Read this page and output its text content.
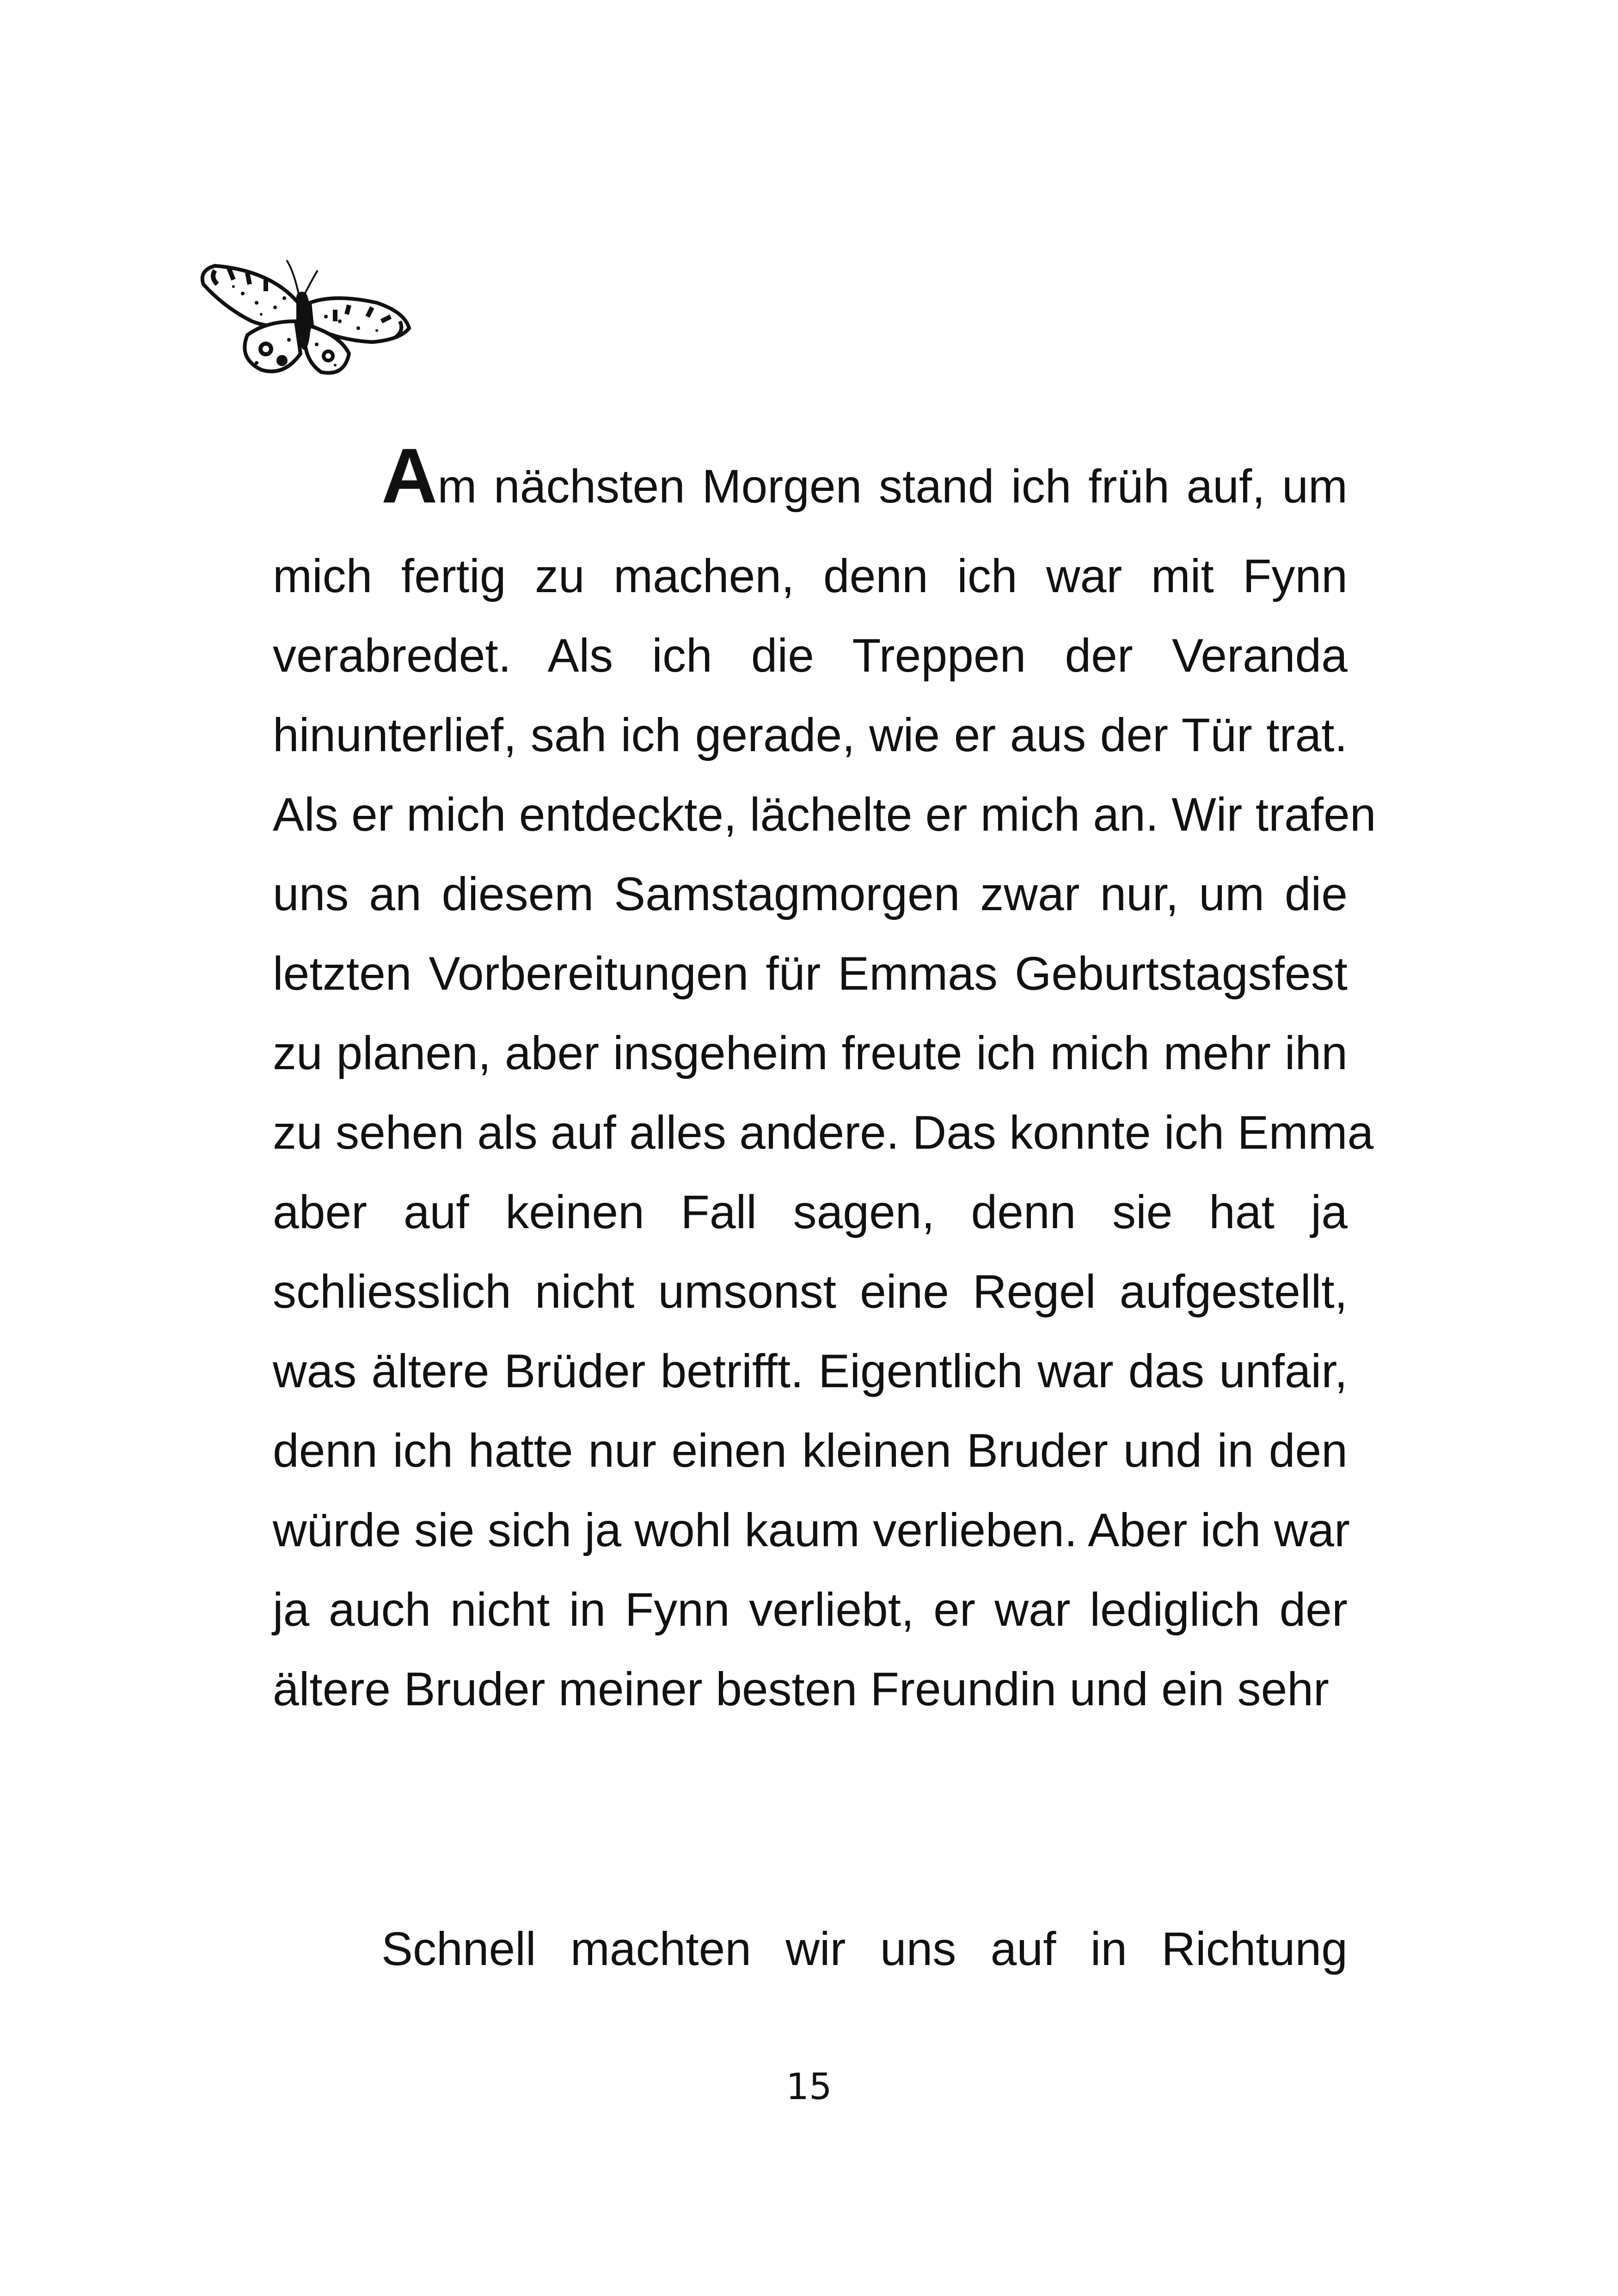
Am nächsten Morgen stand ich früh auf, um
mich fertig zu machen, denn ich war mit Fynn
verabredet. Als ich die Treppen der Veranda
hinunterlief, sah ich gerade, wie er aus der Tür trat.
Als er mich entdeckte, lächelte er mich an. Wir trafen
uns an diesem Samstagmorgen zwar nur, um die
letzten Vorbereitungen für Emmas Geburtstagsfest
zu planen, aber insgeheim freute ich mich mehr ihn
zu sehen als auf alles andere. Das konnte ich Emma
aber auf keinen Fall sagen, denn sie hat ja
schliesslich nicht umsonst eine Regel aufgestellt,
was ältere Brüder betrifft. Eigentlich war das unfair,
denn ich hatte nur einen kleinen Bruder und in den
würde sie sich ja wohl kaum verlieben. Aber ich war
ja auch nicht in Fynn verliebt, er war lediglich der
ältere Bruder meiner besten Freundin und ein sehr
Schnell machten wir uns auf in Richtung
15
